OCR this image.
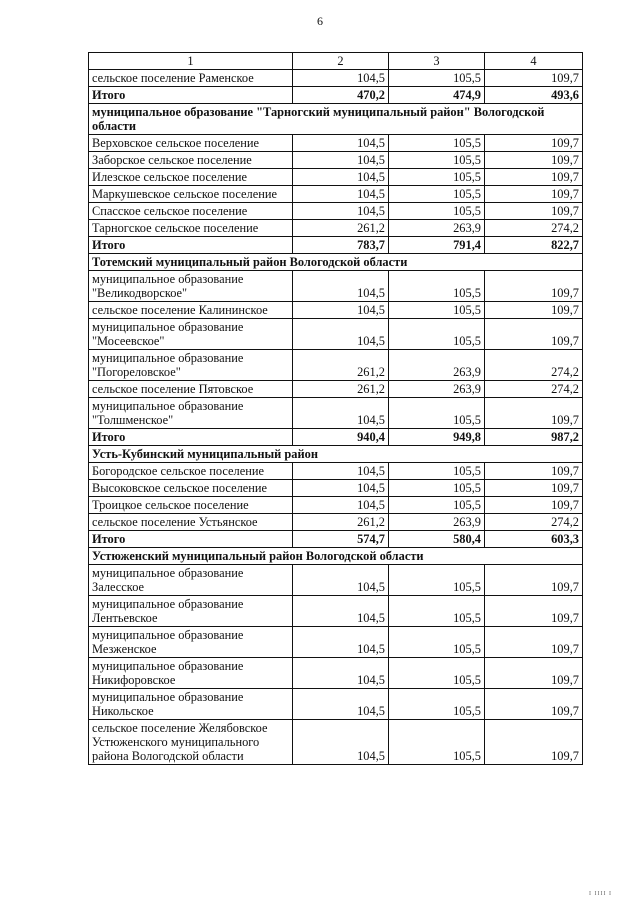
6
1	2	3	4
сельское поселение Раменское	104,5	105,5	109,7
Итого	470,2	474,9	493,6
муниципальное образование "Тарногский муниципальный район" Вологодской области			
Верховское сельское поселение	104,5	105,5	109,7
Заборское сельское поселение	104,5	105,5	109,7
Илезское сельское поселение	104,5	105,5	109,7
Маркушевское сельское поселение	104,5	105,5	109,7
Спасское сельское поселение	104,5	105,5	109,7
Тарногское сельское поселение	261,2	263,9	274,2
Итого	783,7	791,4	822,7
Тотемский муниципальный район Вологодской области			
муниципальное образование "Великодворское"	104,5	105,5	109,7
сельское поселение Калининское	104,5	105,5	109,7
муниципальное образование "Мосеевское"	104,5	105,5	109,7
муниципальное образование "Погореловское"	261,2	263,9	274,2
сельское поселение Пятовское	261,2	263,9	274,2
муниципальное образование "Толшменское"	104,5	105,5	109,7
Итого	940,4	949,8	987,2
Усть-Кубинский муниципальный район			
Богородское сельское поселение	104,5	105,5	109,7
Высоковское сельское поселение	104,5	105,5	109,7
Троицкое сельское поселение	104,5	105,5	109,7
сельское поселение Устьянское	261,2	263,9	274,2
Итого	574,7	580,4	603,3
Устюженский муниципальный район Вологодской области			
муниципальное образование Залесское	104,5	105,5	109,7
муниципальное образование Лентьевское	104,5	105,5	109,7
муниципальное образование Мезженское	104,5	105,5	109,7
муниципальное образование Никифоровское	104,5	105,5	109,7
муниципальное образование Никольское	104,5	105,5	109,7
сельское поселение Желябовское Устюженского муниципального района Вологодской области	104,5	105,5	109,7
I IIII I
